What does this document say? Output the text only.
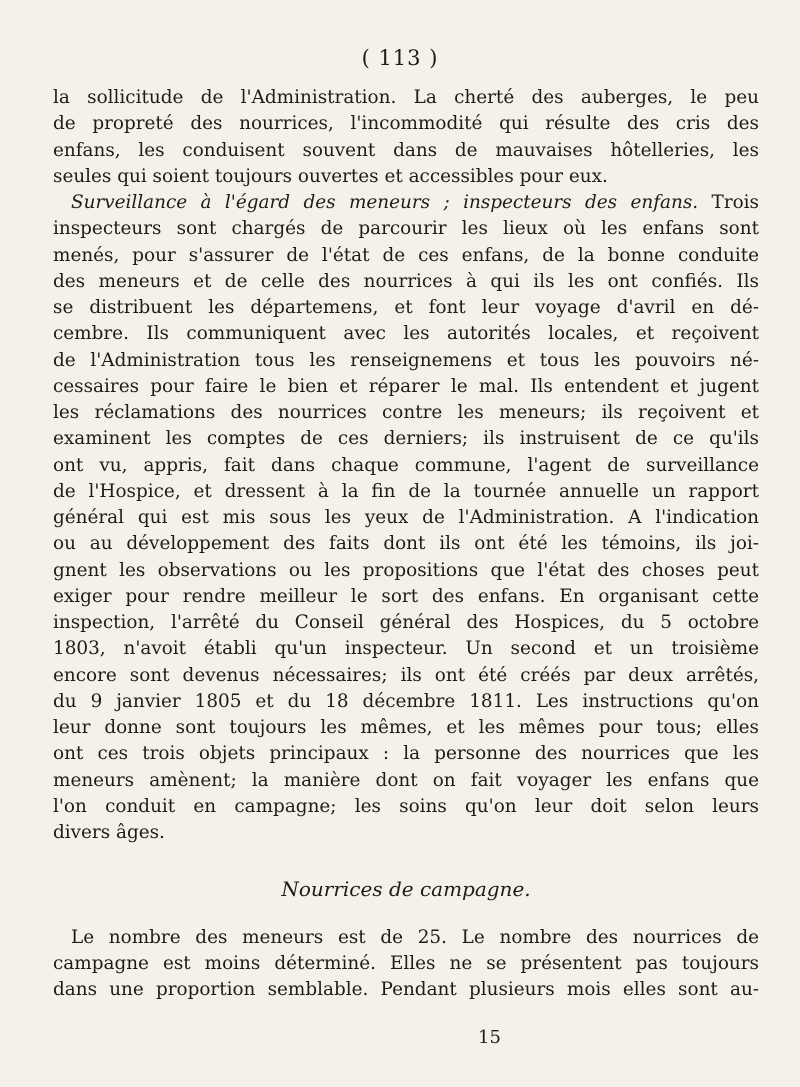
( 113 )
la sollicitude de l'Administration. La cherté des auberges, le peu
de propreté des nourrices, l'incommodité qui résulte des cris des
enfans, les conduisent souvent dans de mauvaises hôtelleries, les
seules qui soient toujours ouvertes et accessibles pour eux.
Surveillance à l'égard des meneurs ; inspecteurs des enfans. Trois
inspecteurs sont chargés de parcourir les lieux où les enfans sont
menés, pour s'assurer de l'état de ces enfans, de la bonne conduite
des meneurs et de celle des nourrices à qui ils les ont confiés. Ils
se distribuent les départemens, et font leur voyage d'avril en dé-
cembre. Ils communiquent avec les autorités locales, et reçoivent
de l'Administration tous les renseignemens et tous les pouvoirs né-
cessaires pour faire le bien et réparer le mal. Ils entendent et jugent
les réclamations des nourrices contre les meneurs; ils reçoivent et
examinent les comptes de ces derniers; ils instruisent de ce qu'ils
ont vu, appris, fait dans chaque commune, l'agent de surveillance
de l'Hospice, et dressent à la fin de la tournée annuelle un rapport
général qui est mis sous les yeux de l'Administration. A l'indication
ou au développement des faits dont ils ont été les témoins, ils joi-
gnent les observations ou les propositions que l'état des choses peut
exiger pour rendre meilleur le sort des enfans. En organisant cette
inspection, l'arrêté du Conseil général des Hospices, du 5 octobre
1803, n'avoit établi qu'un inspecteur. Un second et un troisième
encore sont devenus nécessaires; ils ont été créés par deux arrêtés,
du 9 janvier 1805 et du 18 décembre 1811. Les instructions qu'on
leur donne sont toujours les mêmes, et les mêmes pour tous; elles
ont ces trois objets principaux : la personne des nourrices que les
meneurs amènent; la manière dont on fait voyager les enfans que
l'on conduit en campagne; les soins qu'on leur doit selon leurs
divers âges.
Nourrices de campagne.
Le nombre des meneurs est de 25. Le nombre des nourrices de
campagne est moins déterminé. Elles ne se présentent pas toujours
dans une proportion semblable. Pendant plusieurs mois elles sont au-
15
